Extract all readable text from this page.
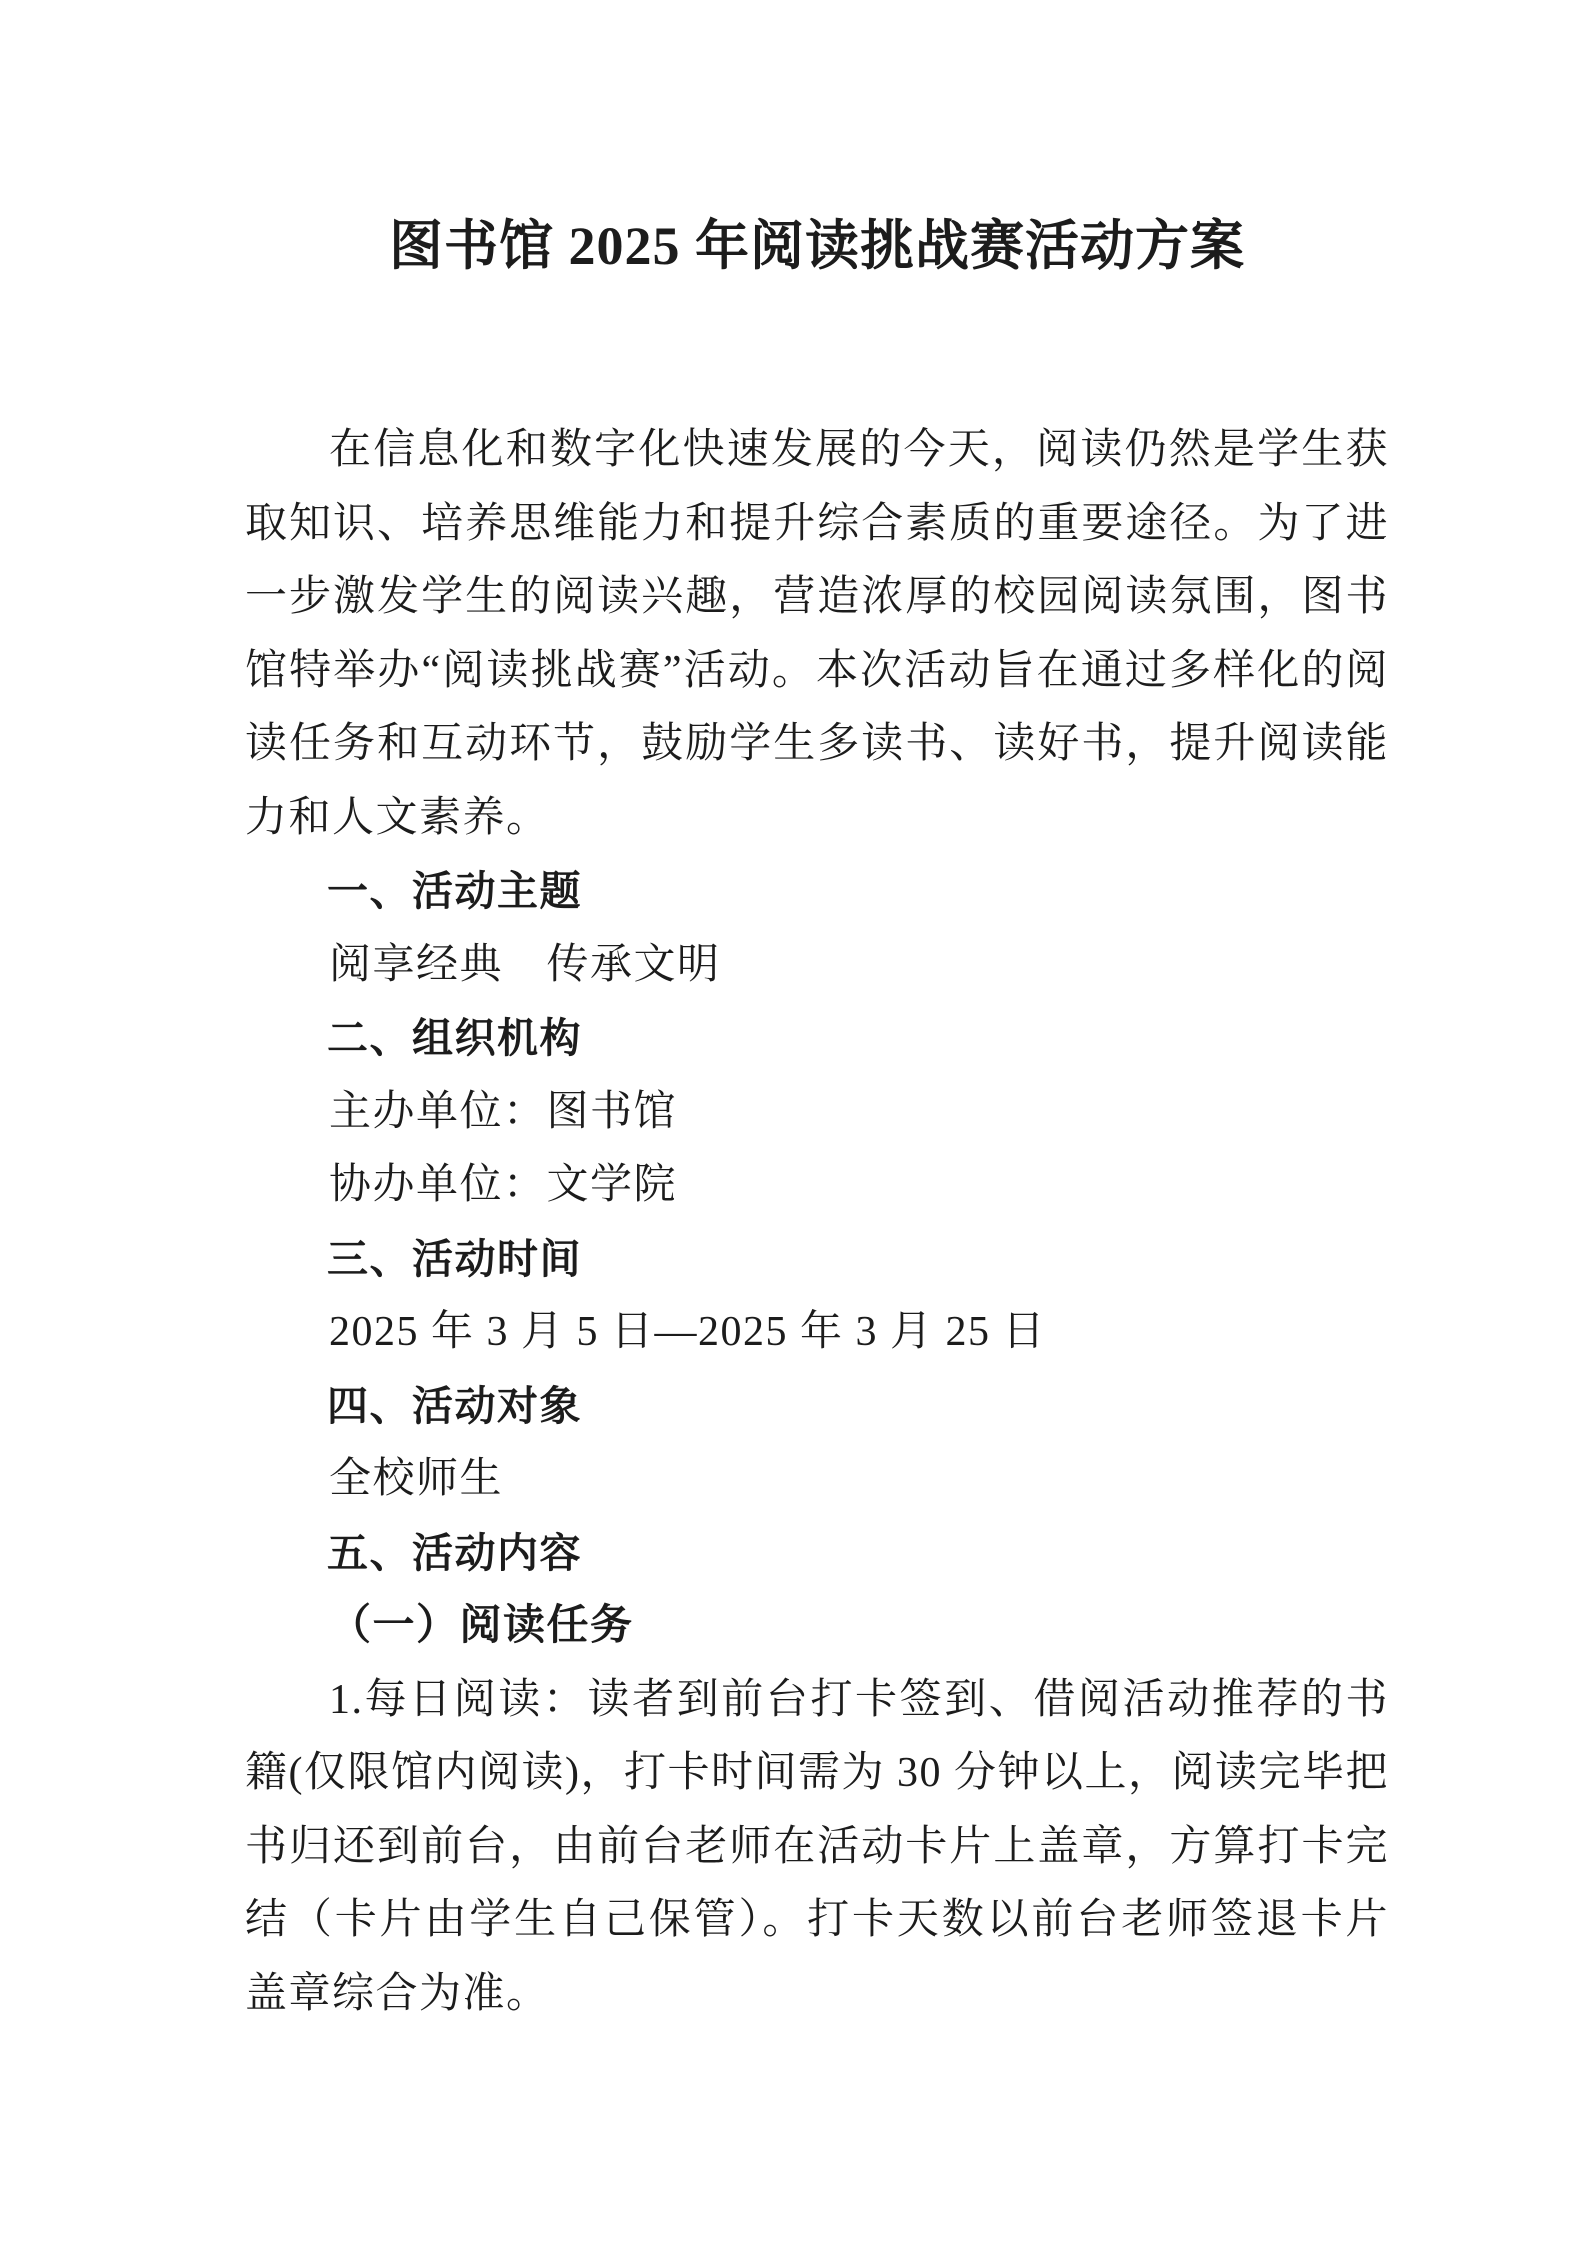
图书馆 2025 年阅读挑战赛活动方案

在信息化和数字化快速发展的今天，阅读仍然是学生获取知识、培养思维能力和提升综合素质的重要途径。为了进一步激发学生的阅读兴趣，营造浓厚的校园阅读氛围，图书馆特举办“阅读挑战赛”活动。本次活动旨在通过多样化的阅读任务和互动环节，鼓励学生多读书、读好书，提升阅读能力和人文素养。

一、活动主题

阅享经典　传承文明

二、组织机构

主办单位：图书馆

协办单位：文学院

三、活动时间

2025 年 3 月 5 日—2025 年 3 月 25 日

四、活动对象

全校师生

五、活动内容

（一）阅读任务

1.每日阅读：读者到前台打卡签到、借阅活动推荐的书籍(仅限馆内阅读)，打卡时间需为 30 分钟以上，阅读完毕把书归还到前台，由前台老师在活动卡片上盖章，方算打卡完结（卡片由学生自己保管）。打卡天数以前台老师签退卡片盖章综合为准。
